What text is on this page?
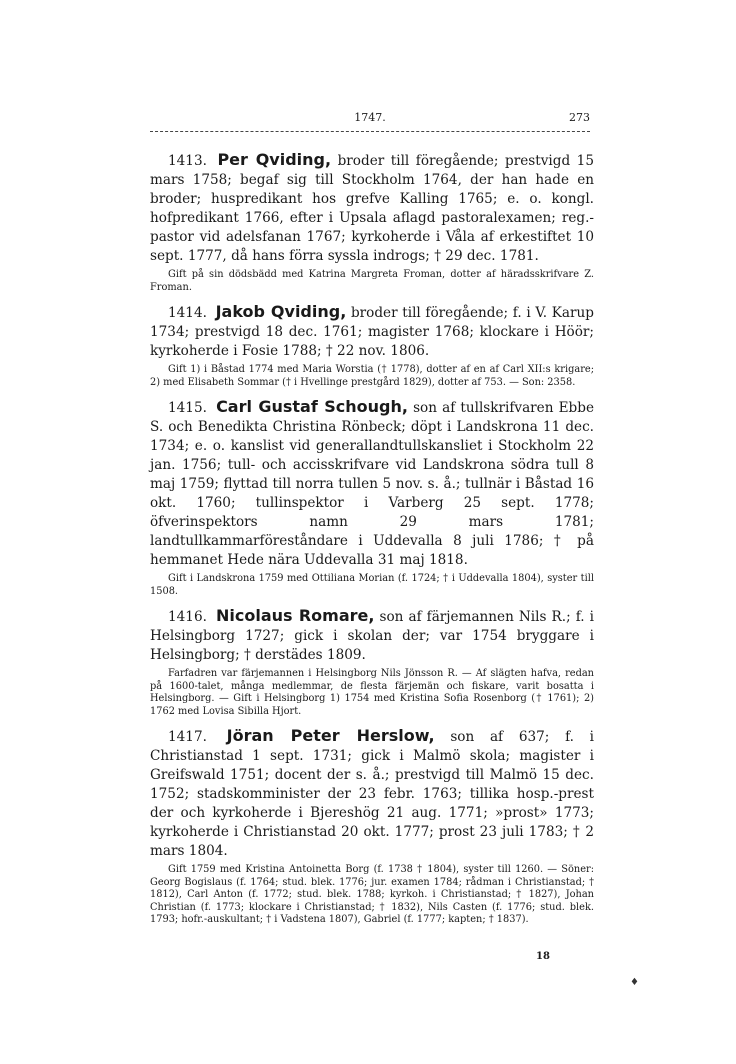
1747.	273

1413. Per Qviding, broder till föregående; prestvigd 15 mars 1758; begaf sig till Stockholm 1764, der han hade en broder; huspredikant hos grefve Kalling 1765; e. o. kongl. hofpredikant 1766, efter i Upsala aflagd pastoralexamen; reg.-pastor vid adelsfanan 1767; kyrkoherde i Våla af erkestiftet 10 sept. 1777, då hans förra syssla indrogs; † 29 dec. 1781.

Gift på sin dödsbädd med Katrina Margreta Froman, dotter af häradsskrifvare Z. Froman.

1414. Jakob Qviding, broder till föregående; f. i V. Karup 1734; prestvigd 18 dec. 1761; magister 1768; klockare i Höör; kyrkoherde i Fosie 1788; † 22 nov. 1806.

Gift 1) i Båstad 1774 med Maria Worstia († 1778), dotter af en af Carl XII:s krigare; 2) med Elisabeth Sommar († i Hvellinge prestgård 1829), dotter af 753. — Son: 2358.

1415. Carl Gustaf Schough, son af tullskrifvaren Ebbe S. och Benedikta Christina Rönbeck; döpt i Landskrona 11 dec. 1734; e. o. kanslist vid generallandtullskansliet i Stockholm 22 jan. 1756; tull- och accisskrifvare vid Landskrona södra tull 8 maj 1759; flyttad till norra tullen 5 nov. s. å.; tullnär i Båstad 16 okt. 1760; tullinspektor i Varberg 25 sept. 1778; öfverinspektors namn 29 mars 1781; landtullkammarföreståndare i Uddevalla 8 juli 1786; † på hemmanet Hede nära Uddevalla 31 maj 1818.

Gift i Landskrona 1759 med Ottiliana Morian (f. 1724; † i Uddevalla 1804), syster till 1508.

1416. Nicolaus Romare, son af färjemannen Nils R.; f. i Helsingborg 1727; gick i skolan der; var 1754 bryggare i Helsingborg; † derstädes 1809.

Farfadren var färjemannen i Helsingborg Nils Jönsson R. — Af slägten hafva, redan på 1600-talet, många medlemmar, de flesta färjemän och fiskare, varit bosatta i Helsingborg. — Gift i Helsingborg 1) 1754 med Kristina Sofia Rosenborg († 1761); 2) 1762 med Lovisa Sibilla Hjort.

1417. Jöran Peter Herslow, son af 637; f. i Christianstad 1 sept. 1731; gick i Malmö skola; magister i Greifswald 1751; docent der s. å.; prestvigd till Malmö 15 dec. 1752; stadskomminister der 23 febr. 1763; tillika hosp.-prest der och kyrkoherde i Bjereshög 21 aug. 1771; »prost» 1773; kyrkoherde i Christianstad 20 okt. 1777; prost 23 juli 1783; † 2 mars 1804.

Gift 1759 med Kristina Antoinetta Borg (f. 1738 † 1804), syster till 1260. — Söner: Georg Bogislaus (f. 1764; stud. blek. 1776; jur. examen 1784; rådman i Christianstad; † 1812), Carl Anton (f. 1772; stud. blek. 1788; kyrkoh. i Christianstad; † 1827), Johan Christian (f. 1773; klockare i Christianstad; † 1832), Nils Casten (f. 1776; stud. blek. 1793; hofr.-auskultant; † i Vadstena 1807), Gabriel (f. 1777; kapten; † 1837).

18
♦
